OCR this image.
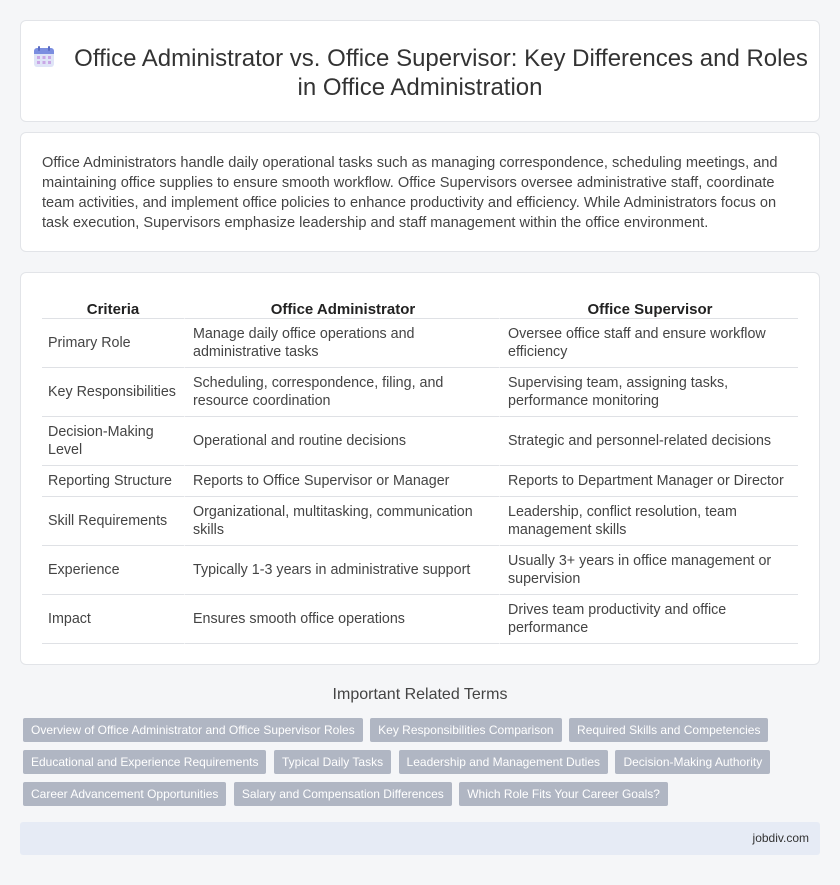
Office Administrator vs. Office Supervisor: Key Differences and Roles in Office Administration

Office Administrators handle daily operational tasks such as managing correspondence, scheduling meetings, and maintaining office supplies to ensure smooth workflow. Office Supervisors oversee administrative staff, coordinate team activities, and implement office policies to enhance productivity and efficiency. While Administrators focus on task execution, Supervisors emphasize leadership and staff management within the office environment.

Criteria	Office Administrator	Office Supervisor
Primary Role	Manage daily office operations and administrative tasks	Oversee office staff and ensure workflow efficiency
Key Responsibilities	Scheduling, correspondence, filing, and resource coordination	Supervising team, assigning tasks, performance monitoring
Decision-Making Level	Operational and routine decisions	Strategic and personnel-related decisions
Reporting Structure	Reports to Office Supervisor or Manager	Reports to Department Manager or Director
Skill Requirements	Organizational, multitasking, communication skills	Leadership, conflict resolution, team management skills
Experience	Typically 1-3 years in administrative support	Usually 3+ years in office management or supervision
Impact	Ensures smooth office operations	Drives team productivity and office performance
Important Related Terms
Overview of Office Administrator and Office Supervisor Roles Key Responsibilities Comparison Required Skills and Competencies Educational and Experience Requirements Typical Daily Tasks Leadership and Management Duties Decision-Making Authority Career Advancement Opportunities Salary and Compensation Differences Which Role Fits Your Career Goals?
jobdiv.com
